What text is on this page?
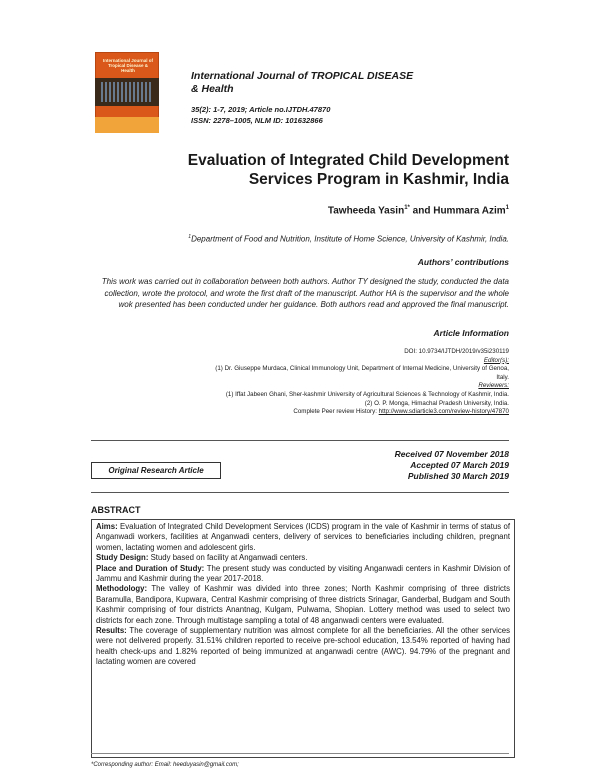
International Journal of Tropical Disease & Health	International Journal of TROPICAL DISEASE
& Health
35(2): 1-7, 2019; Article no.IJTDH.47870
ISSN: 2278–1005, NLM ID: 101632866
Evaluation of Integrated Child Development
Services Program in Kashmir, India
Tawheeda Yasin$^{1*}$ and Hummara Azim$^1$
$^1$Department of Food and Nutrition, Institute of Home Science, University of Kashmir, India.
Authors’ contributions
This work was carried out in collaboration between both authors. Author TY designed the study, conducted the data collection, wrote the protocol, and wrote the first draft of the manuscript. Author HA is the supervisor and the whole wok presented has been conducted under her guidance. Both authors read and approved the final manuscript.
Article Information
DOI: 10.9734/IJTDH/2019/v35i230119
Editor(s):
(1) Dr. Giuseppe Murdaca, Clinical Immunology Unit, Department of Internal Medicine, University of Genoa,
Italy.
Reviewers:
(1) Iffat Jabeen Ghani, Sher-kashmir University of Agricultural Sciences & Technology of Kashmir, India.
(2) O. P. Monga, Himachal Pradesh University, India.
Complete Peer review History: http://www.sdiarticle3.com/review-history/47870
Original Research Article
Received 07 November 2018
Accepted 07 March 2019
Published 30 March 2019
ABSTRACT

Aims: Evaluation of Integrated Child Development Services (ICDS) program in the vale of Kashmir in terms of status of Anganwadi workers, facilities at Anganwadi centers, delivery of services to beneficiaries including children, pregnant women, lactating women and adolescent girls.

Study Design: Study based on facility at Anganwadi centers.

Place and Duration of Study: The present study was conducted by visiting Anganwadi centers in Kashmir Division of Jammu and Kashmir during the year 2017-2018.

Methodology: The valley of Kashmir was divided into three zones; North Kashmir comprising of three districts Baramulla, Bandipora, Kupwara, Central Kashmir comprising of three districts Srinagar, Ganderbal, Budgam and South Kashmir comprising of four districts Anantnag, Kulgam, Pulwama, Shopian. Lottery method was used to select two districts for each zone. Through multistage sampling a total of 48 anganwadi centers were evaluated.

Results: The coverage of supplementary nutrition was almost complete for all the beneficiaries. All the other services were not delivered properly. 31.51% children reported to receive pre-school education, 13.54% reported of having had health check-ups and 1.82% reported of being immunized at anganwadi centre (AWC). 94.79% of the pregnant and lactating women are covered

*Corresponding author: Email: heeduyasin@gmail.com;
